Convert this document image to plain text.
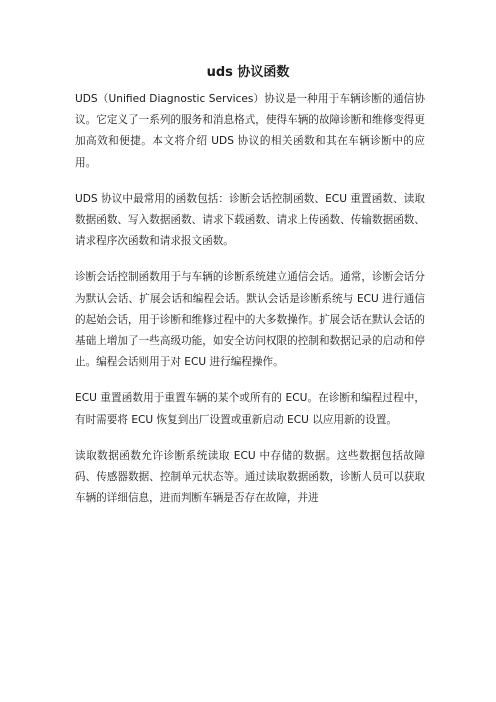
uds 协议函数

UDS（Unified Diagnostic Services）协议是一种用于车辆诊断的通信协议。它定义了一系列的服务和消息格式，使得车辆的故障诊断和维修变得更加高效和便捷。本文将介绍 UDS 协议的相关函数和其在车辆诊断中的应用。

UDS 协议中最常用的函数包括：诊断会话控制函数、ECU 重置函数、读取数据函数、写入数据函数、请求下载函数、请求上传函数、传输数据函数、请求程序次函数和请求报文函数。

诊断会话控制函数用于与车辆的诊断系统建立通信会话。通常，诊断会话分为默认会话、扩展会话和编程会话。默认会话是诊断系统与 ECU 进行通信的起始会话，用于诊断和维修过程中的大多数操作。扩展会话在默认会话的基础上增加了一些高级功能，如安全访问权限的控制和数据记录的启动和停止。编程会话则用于对 ECU 进行编程操作。

ECU 重置函数用于重置车辆的某个或所有的 ECU。在诊断和编程过程中，有时需要将 ECU 恢复到出厂设置或重新启动 ECU 以应用新的设置。

读取数据函数允许诊断系统读取 ECU 中存储的数据。这些数据包括故障码、传感器数据、控制单元状态等。通过读取数据函数，诊断人员可以获取车辆的详细信息，进而判断车辆是否存在故障，并进
